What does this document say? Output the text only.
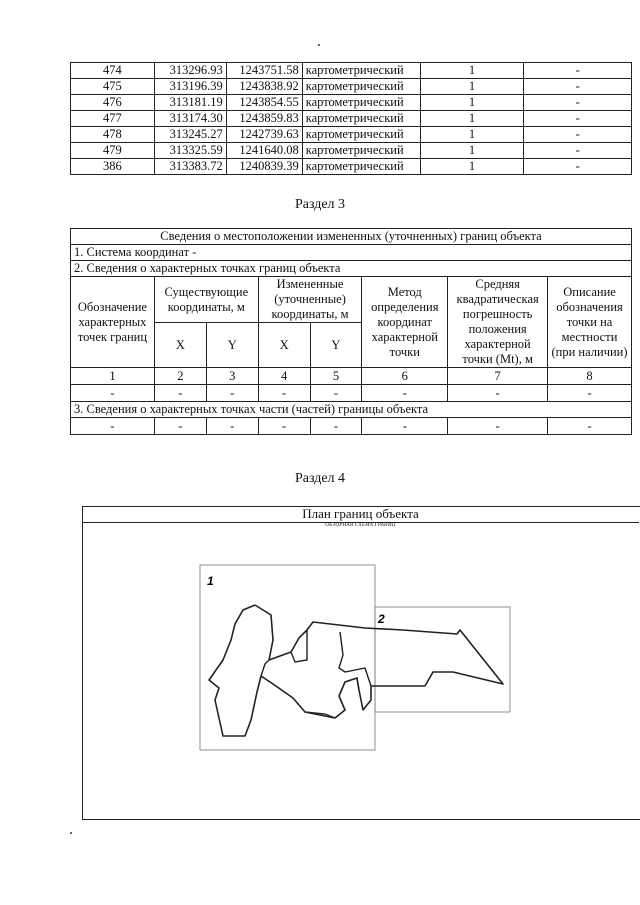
474	313296.93	1243751.58	картометрический	1	-
475	313196.39	1243838.92	картометрический	1	-
476	313181.19	1243854.55	картометрический	1	-
477	313174.30	1243859.83	картометрический	1	-
478	313245.27	1242739.63	картометрический	1	-
479	313325.59	1241640.08	картометрический	1	-
386	313383.72	1240839.39	картометрический	1	-
Раздел 3
Сведения о местоположении измененных (уточненных) границ объекта							
1. Система координат -							
2. Сведения о характерных точках границ объекта							
Обозначение характерных точек границ	Существующие координаты, м		Измененные (уточненные) координаты, м		Метод определения координат характерной точки	Средняя квадратическая погрешность положения характерной точки (Mt), м	Описание обозначения точки на местности (при наличии)
	X	Y	X	Y			
1	2	3	4	5	6	7	8
-	-	-	-	-	-	-	-
3. Сведения о характерных точках части (частей) границы объекта							
-	-	-	-	-	-	-	-
Раздел 4
План границ объекта
ОБЗОРНАЯ СХЕМА ГРАНИЦ
1
2
